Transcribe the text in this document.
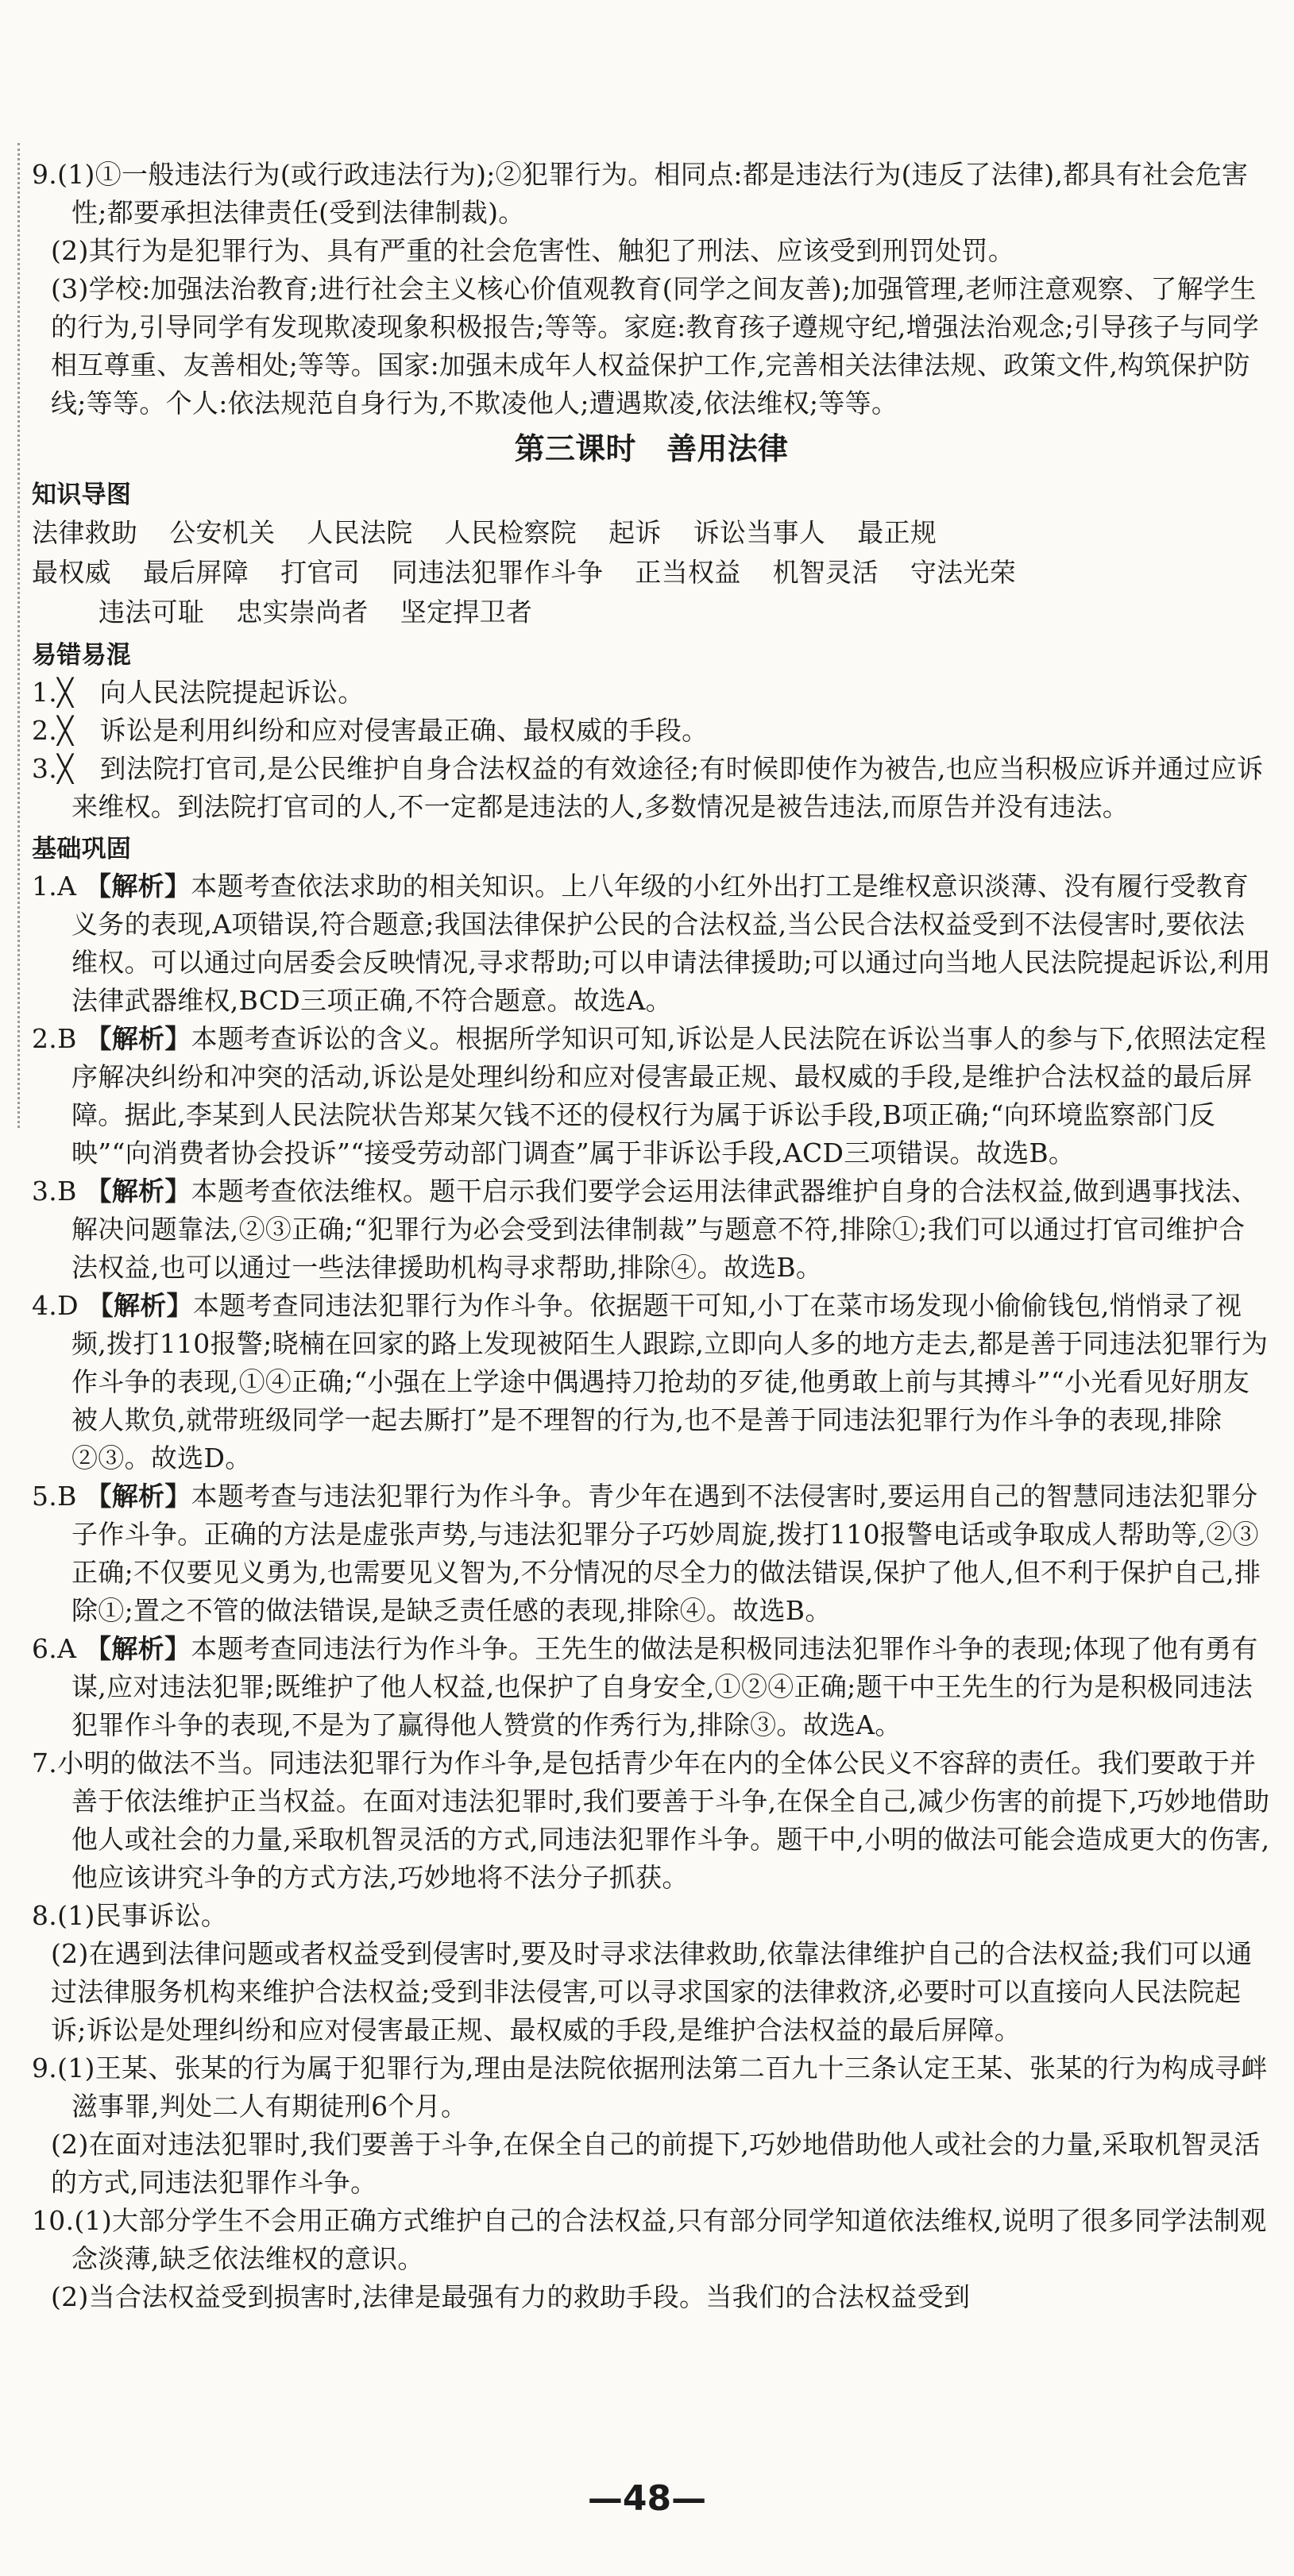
9.(1)①一般违法行为(或行政违法行为);②犯罪行为。相同点:都是违法行为(违反了法律),都具有社会危害性;都要承担法律责任(受到法律制裁)。

(2)其行为是犯罪行为、具有严重的社会危害性、触犯了刑法、应该受到刑罚处罚。

(3)学校:加强法治教育;进行社会主义核心价值观教育(同学之间友善);加强管理,老师注意观察、了解学生的行为,引导同学有发现欺凌现象积极报告;等等。家庭:教育孩子遵规守纪,增强法治观念;引导孩子与同学相互尊重、友善相处;等等。国家:加强未成年人权益保护工作,完善相关法律法规、政策文件,构筑保护防线;等等。个人:依法规范自身行为,不欺凌他人;遭遇欺凌,依法维权;等等。

第三课时　善用法律
知识导图
法律救助 公安机关 人民法院 人民检察院 起诉 诉讼当事人 最正规
最权威 最后屏障 打官司 同违法犯罪作斗争 正当权益 机智灵活 守法光荣
违法可耻 忠实崇尚者 坚定捍卫者
易错易混

1.╳　向人民法院提起诉讼。

2.╳　诉讼是利用纠纷和应对侵害最正确、最权威的手段。

3.╳　到法院打官司,是公民维护自身合法权益的有效途径;有时候即使作为被告,也应当积极应诉并通过应诉来维权。到法院打官司的人,不一定都是违法的人,多数情况是被告违法,而原告并没有违法。

基础巩固

1.A 【解析】本题考查依法求助的相关知识。上八年级的小红外出打工是维权意识淡薄、没有履行受教育义务的表现,A项错误,符合题意;我国法律保护公民的合法权益,当公民合法权益受到不法侵害时,要依法维权。可以通过向居委会反映情况,寻求帮助;可以申请法律援助;可以通过向当地人民法院提起诉讼,利用法律武器维权,BCD三项正确,不符合题意。故选A。

2.B 【解析】本题考查诉讼的含义。根据所学知识可知,诉讼是人民法院在诉讼当事人的参与下,依照法定程序解决纠纷和冲突的活动,诉讼是处理纠纷和应对侵害最正规、最权威的手段,是维护合法权益的最后屏障。据此,李某到人民法院状告郑某欠钱不还的侵权行为属于诉讼手段,B项正确;“向环境监察部门反映”“向消费者协会投诉”“接受劳动部门调查”属于非诉讼手段,ACD三项错误。故选B。

3.B 【解析】本题考查依法维权。题干启示我们要学会运用法律武器维护自身的合法权益,做到遇事找法、解决问题靠法,②③正确;“犯罪行为必会受到法律制裁”与题意不符,排除①;我们可以通过打官司维护合法权益,也可以通过一些法律援助机构寻求帮助,排除④。故选B。

4.D 【解析】本题考查同违法犯罪行为作斗争。依据题干可知,小丁在菜市场发现小偷偷钱包,悄悄录了视频,拨打110报警;晓楠在回家的路上发现被陌生人跟踪,立即向人多的地方走去,都是善于同违法犯罪行为作斗争的表现,①④正确;“小强在上学途中偶遇持刀抢劫的歹徒,他勇敢上前与其搏斗”“小光看见好朋友被人欺负,就带班级同学一起去厮打”是不理智的行为,也不是善于同违法犯罪行为作斗争的表现,排除②③。故选D。

5.B 【解析】本题考查与违法犯罪行为作斗争。青少年在遇到不法侵害时,要运用自己的智慧同违法犯罪分子作斗争。正确的方法是虚张声势,与违法犯罪分子巧妙周旋,拨打110报警电话或争取成人帮助等,②③正确;不仅要见义勇为,也需要见义智为,不分情况的尽全力的做法错误,保护了他人,但不利于保护自己,排除①;置之不管的做法错误,是缺乏责任感的表现,排除④。故选B。

6.A 【解析】本题考查同违法行为作斗争。王先生的做法是积极同违法犯罪作斗争的表现;体现了他有勇有谋,应对违法犯罪;既维护了他人权益,也保护了自身安全,①②④正确;题干中王先生的行为是积极同违法犯罪作斗争的表现,不是为了赢得他人赞赏的作秀行为,排除③。故选A。

7.小明的做法不当。同违法犯罪行为作斗争,是包括青少年在内的全体公民义不容辞的责任。我们要敢于并善于依法维护正当权益。在面对违法犯罪时,我们要善于斗争,在保全自己,减少伤害的前提下,巧妙地借助他人或社会的力量,采取机智灵活的方式,同违法犯罪作斗争。题干中,小明的做法可能会造成更大的伤害,他应该讲究斗争的方式方法,巧妙地将不法分子抓获。

8.(1)民事诉讼。

(2)在遇到法律问题或者权益受到侵害时,要及时寻求法律救助,依靠法律维护自己的合法权益;我们可以通过法律服务机构来维护合法权益;受到非法侵害,可以寻求国家的法律救济,必要时可以直接向人民法院起诉;诉讼是处理纠纷和应对侵害最正规、最权威的手段,是维护合法权益的最后屏障。

9.(1)王某、张某的行为属于犯罪行为,理由是法院依据刑法第二百九十三条认定王某、张某的行为构成寻衅滋事罪,判处二人有期徒刑6个月。

(2)在面对违法犯罪时,我们要善于斗争,在保全自己的前提下,巧妙地借助他人或社会的力量,采取机智灵活的方式,同违法犯罪作斗争。

10.(1)大部分学生不会用正确方式维护自己的合法权益,只有部分同学知道依法维权,说明了很多同学法制观念淡薄,缺乏依法维权的意识。

(2)当合法权益受到损害时,法律是最强有力的救助手段。当我们的合法权益受到

—48—
